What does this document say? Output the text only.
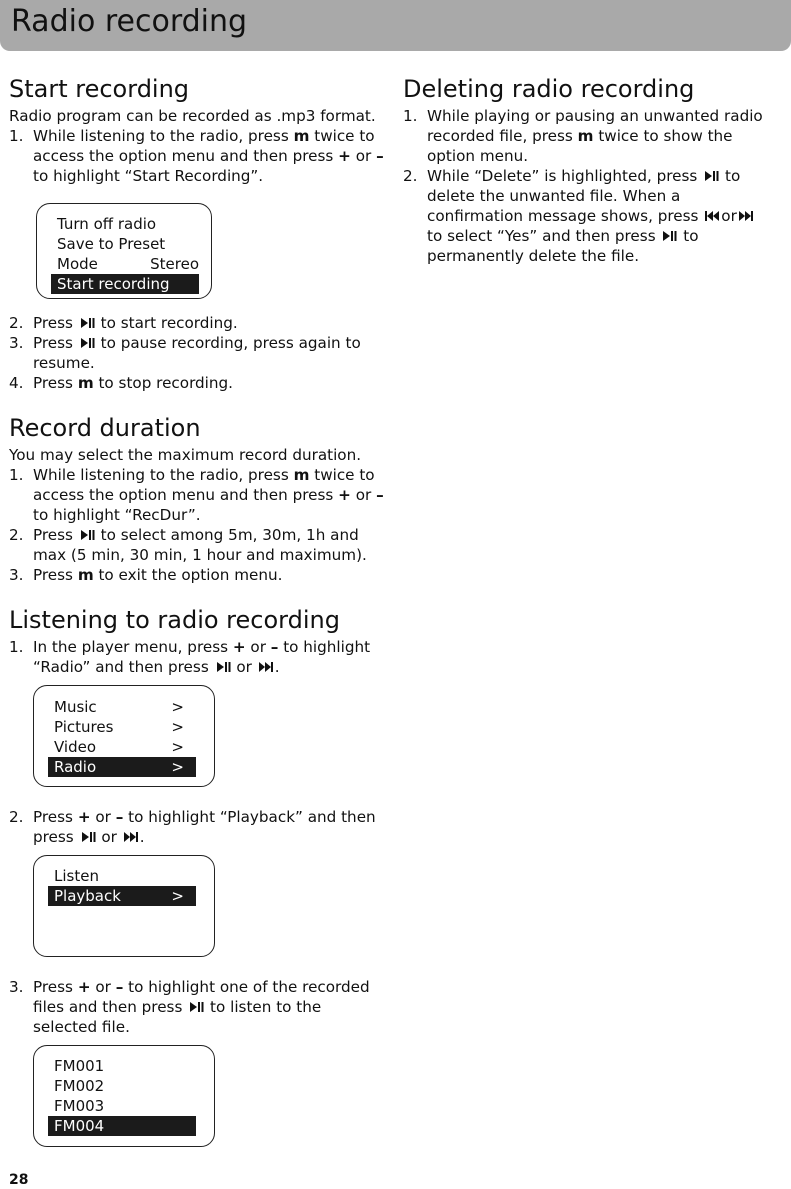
Radio recording
Start recording

Radio program can be recorded as .mp3 format.

1. While listening to the radio, press m twice to access the option menu and then press + or – to highlight “Start Recording”.
Turn off radio
Save to Preset
Mode	Stereo
Start recording
2. Press
to start recording.
3. Press
to pause recording, press again to resume.
4. Press m to stop recording.
Record duration

You may select the maximum record duration.

1. While listening to the radio, press m twice to access the option menu and then press + or – to highlight “RecDur”.
2. Press
to select among 5m, 30m, 1h and max (5 min, 30 min, 1 hour and maximum).
3. Press m to exit the option menu.
Listening to radio recording
1. In the player menu, press + or – to highlight “Radio” and then press
or
.
Music	>
Pictures	>
Video	>
Radio	>
2. Press + or – to highlight “Playback” and then press
or
.
Listen
Playback	>
3. Press + or – to highlight one of the recorded files and then press
to listen to the selected file.
FM001
FM002
FM003
FM004
Deleting radio recording
1. While playing or pausing an unwanted radio recorded file, press m twice to show the option menu.
2. While “Delete” is highlighted, press
to delete the unwanted file. When a confirmation message shows, press
or
to select “Yes” and then press
to permanently delete the file.
28
